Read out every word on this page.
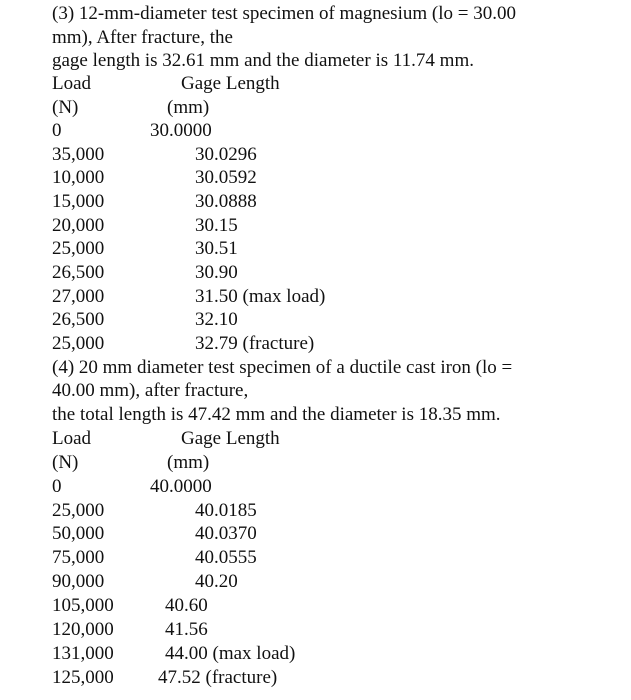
(3) 12-mm-diameter test specimen of magnesium (lo = 30.00
mm), After fracture, the
gage length is 32.61 mm and the diameter is 11.74 mm.
Load	Gage Length
(N)	(mm)
0	30.0000
35,000	30.0296
10,000	30.0592
15,000	30.0888
20,000	30.15
25,000	30.51
26,500	30.90
27,000	31.50 (max load)
26,500	32.10
25,000	32.79 (fracture)
(4) 20 mm diameter test specimen of a ductile cast iron (lo =
40.00 mm), after fracture,
the total length is 47.42 mm and the diameter is 18.35 mm.
Load	Gage Length
(N)	(mm)
0	40.0000
25,000	40.0185
50,000	40.0370
75,000	40.0555
90,000	40.20
105,000	40.60
120,000	41.56
131,000	44.00 (max load)
125,000 47.52 (fracture)
